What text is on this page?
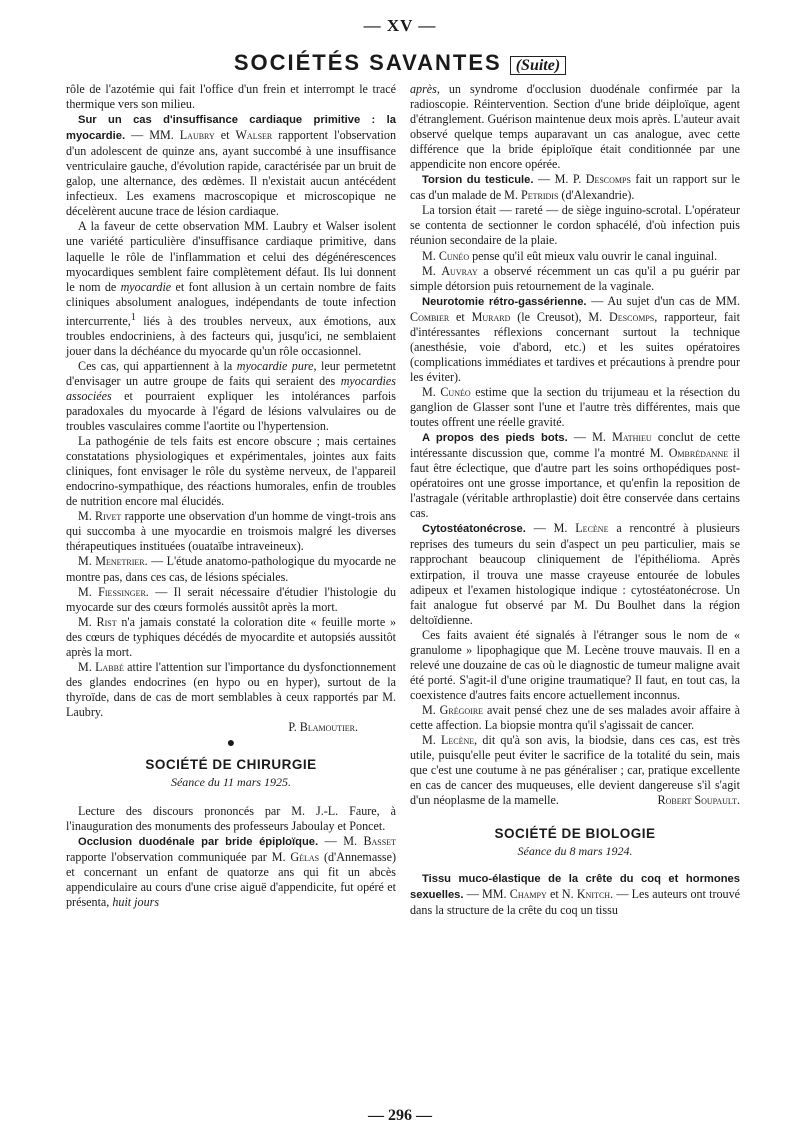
— XV —
SOCIÉTÉS SAVANTES (Suite)

rôle de l'azotémie qui fait l'office d'un frein et interrompt le tracé thermique vers son milieu.

Sur un cas d'insuffisance cardiaque primitive : la myocardie. — MM. Laubry et Walser rapportent l'observation d'un adolescent de quinze ans, ayant succombé à une insuffisance ventriculaire gauche, d'évolution rapide, caractérisée par un bruit de galop, une alternance, des œdèmes. Il n'existait aucun antécédent infectieux. Les examens macroscopique et microscopique ne décelèrent aucune trace de lésion cardiaque.

A la faveur de cette observation MM. Laubry et Walser isolent une variété particulière d'insuffisance cardiaque primitive, dans laquelle le rôle de l'inflammation et celui des dégénérescences myocardiques semblent faire complètement défaut. Ils lui donnent le nom de myocardie et font allusion à un certain nombre de faits cliniques absolument analogues, indépendants de toute infection intercurrente,$^1$ liés à des troubles nerveux, aux émotions, aux troubles endocriniens, à des facteurs qui, jusqu'ici, ne semblaient jouer dans la déchéance du myocarde qu'un rôle occasionnel.

Ces cas, qui appartiennent à la myocardie pure, leur permetetnt d'envisager un autre groupe de faits qui seraient des myocardies associées et pourraient expliquer les intolérances parfois paradoxales du myocarde à l'égard de lésions valvulaires ou de troubles vasculaires comme l'aortite ou l'hypertension.

La pathogénie de tels faits est encore obscure ; mais certaines constatations physiologiques et expérimentales, jointes aux faits cliniques, font envisager le rôle du système nerveux, de l'appareil endocrino-sympathique, des réactions humorales, enfin de troubles de nutrition encore mal élucidés.

M. Rivet rapporte une observation d'un homme de vingt-trois ans qui succomba à une myocardie en troismois malgré les diverses thérapeutiques instituées (ouataïbe intraveineux).

M. Menetrier. — L'étude anatomo-pathologique du myocarde ne montre pas, dans ces cas, de lésions spéciales.

M. Fiessinger. — Il serait nécessaire d'étudier l'histologie du myocarde sur des cœurs formolés aussitôt après la mort.

M. Rist n'a jamais constaté la coloration dite « feuille morte » des cœurs de typhiques décédés de myocardite et autopsiés aussitôt après la mort.

M. Labbé attire l'attention sur l'importance du dysfonctionnement des glandes endocrines (en hypo ou en hyper), surtout de la thyroïde, dans de cas de mort semblables à ceux rapportés par M. Laubry.

P. Blamoutier.

●
SOCIÉTÉ DE CHIRURGIE
Séance du 11 mars 1925.

Lecture des discours prononcés par M. J.-L. Faure, à l'inauguration des monuments des professeurs Jaboulay et Poncet.

Occlusion duodénale par bride épiploïque. — M. Basset rapporte l'observation communiquée par M. Gélas (d'Annemasse) et concernant un enfant de quatorze ans qui fit un abcès appendiculaire au cours d'une crise aiguë d'appendicite, fut opéré et présenta, huit jours

après, un syndrome d'occlusion duodénale confirmée par la radioscopie. Réintervention. Section d'une bride déiploïque, agent d'étranglement. Guérison maintenue deux mois après. L'auteur avait observé quelque temps auparavant un cas analogue, avec cette différence que la bride épiploïque était conditionnée par une appendicite non encore opérée.

Torsion du testicule. — M. P. Descomps fait un rapport sur le cas d'un malade de M. Petridis (d'Alexandrie).

La torsion était — rareté — de siège inguino-scrotal. L'opérateur se contenta de sectionner le cordon sphacélé, d'où infection puis réunion secondaire de la plaie.

M. Cunéo pense qu'il eût mieux valu ouvrir le canal inguinal.

M. Auvray a observé récemment un cas qu'il a pu guérir par simple détorsion puis retournement de la vaginale.

Neurotomie rétro-gassérienne. — Au sujet d'un cas de MM. Combier et Murard (le Creusot), M. Descomps, rapporteur, fait d'intéressantes réflexions concernant surtout la technique (anesthésie, voie d'abord, etc.) et les suites opératoires (complications immédiates et tardives et précautions à prendre pour les éviter).

M. Cunéo estime que la section du trijumeau et la résection du ganglion de Glasser sont l'une et l'autre très différentes, mais que toutes offrent une réelle gravité.

A propos des pieds bots. — M. Mathieu conclut de cette intéressante discussion que, comme l'a montré M. Ombrédanne il faut être éclectique, que d'autre part les soins orthopédiques post-opératoires ont une grosse importance, et qu'enfin la reposition de l'astragale (véritable arthroplastie) doit être conservée dans certains cas.

Cytostéatonécrose. — M. Lecène a rencontré à plusieurs reprises des tumeurs du sein d'aspect un peu particulier, mais se rapprochant beaucoup cliniquement de l'épithélioma. Après extirpation, il trouva une masse crayeuse entourée de lobules adipeux et l'examen histologique indique : cytostéatonécrose. Un fait analogue fut observé par M. Du Boulhet dans la région deltoïdienne.

Ces faits avaient été signalés à l'étranger sous le nom de « granulome » lipophagique que M. Lecène trouve mauvais. Il en a relevé une douzaine de cas où le diagnostic de tumeur maligne avait été porté. S'agit-il d'une origine traumatique? Il faut, en tout cas, la coexistence d'autres faits encore actuellement inconnus.

M. Grégoire avait pensé chez une de ses malades avoir affaire à cette affection. La biopsie montra qu'il s'agissait de cancer.

M. Lecène, dit qu'à son avis, la biodsie, dans ces cas, est très utile, puisqu'elle peut éviter le sacrifice de la totalité du sein, mais que c'est une coutume à ne pas généraliser ; car, pratique excellente en cas de cancer des muqueuses, elle devient dangereuse s'il s'agit d'un néoplasme de la mamelle.	Robert Soupault.

SOCIÉTÉ DE BIOLOGIE
Séance du 8 mars 1924.

Tissu muco-élastique de la crête du coq et hormones sexuelles. — MM. Champy et N. Knitch. — Les auteurs ont trouvé dans la structure de la crête du coq un tissu

— 296 —
